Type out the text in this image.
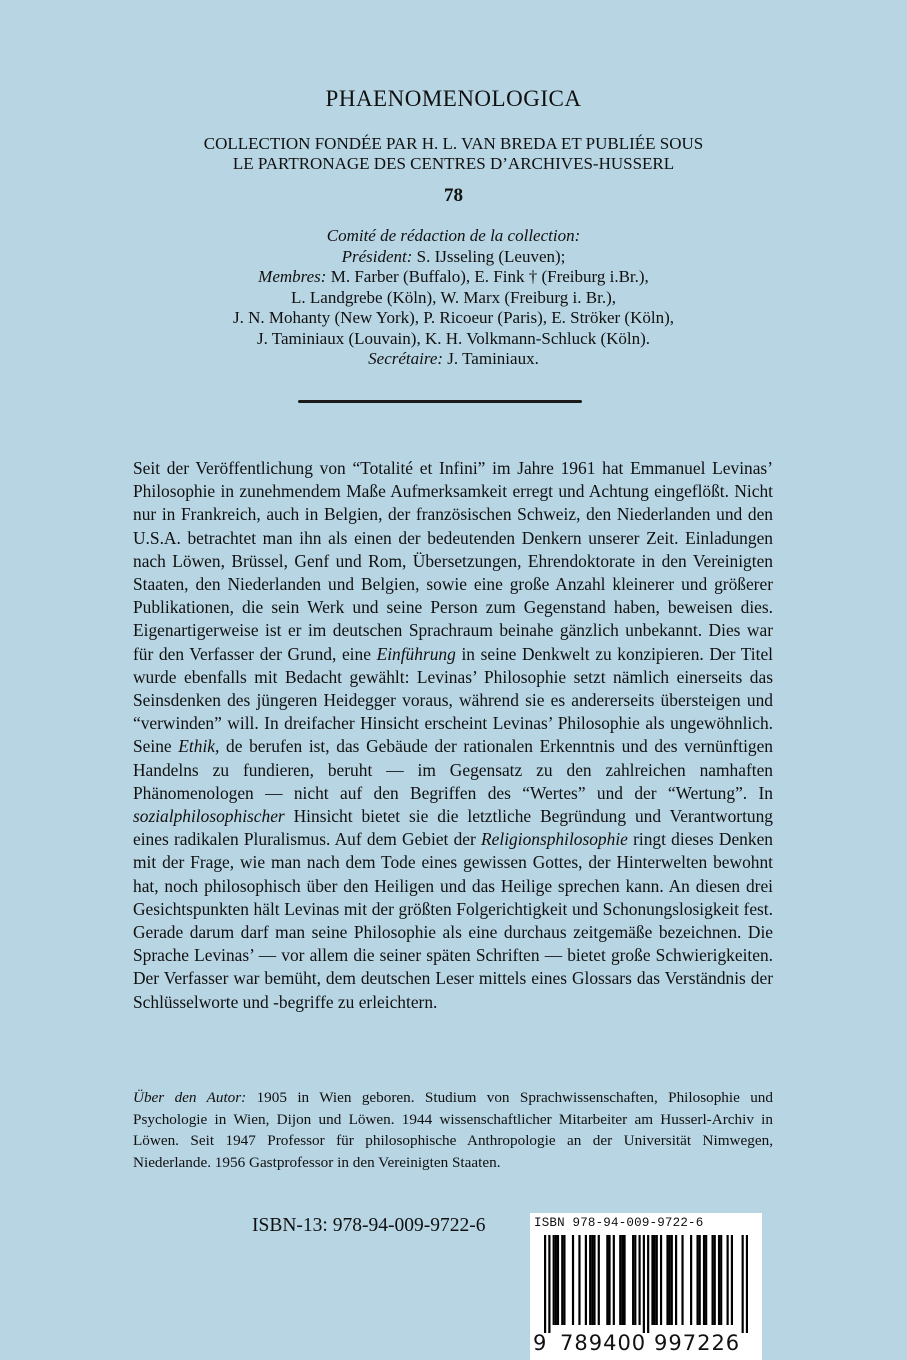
PHAENOMENOLOGICA
COLLECTION FONDÉE PAR H. L. VAN BREDA ET PUBLIÉE SOUS
LE PARTRONAGE DES CENTRES D’ARCHIVES-HUSSERL
78
Comité de rédaction de la collection:
Président: S. IJsseling (Leuven);
Membres: M. Farber (Buffalo), E. Fink † (Freiburg i.Br.),
L. Landgrebe (Köln), W. Marx (Freiburg i. Br.),
J. N. Mohanty (New York), P. Ricoeur (Paris), E. Ströker (Köln),
J. Taminiaux (Louvain), K. H. Volkmann-Schluck (Köln).
Secrétaire: J. Taminiaux.

Seit der Veröffentlichung von “Totalité et Infini” im Jahre 1961 hat Emmanuel Levinas’ Philosophie in zunehmendem Maße Aufmerksamkeit erregt und Achtung eingeflößt. Nicht nur in Frankreich, auch in Belgien, der französischen Schweiz, den Niederlanden und den U.S.A. betrachtet man ihn als einen der bedeutenden Denkern unserer Zeit. Einladungen nach Löwen, Brüssel, Genf und Rom, Übersetzungen, Ehrendoktorate in den Vereinigten Staaten, den Niederlanden und Belgien, sowie eine große Anzahl kleinerer und größerer Publikationen, die sein Werk und seine Person zum Gegenstand haben, beweisen dies. Eigenartigerweise ist er im deutschen Sprachraum beinahe gänzlich unbekannt. Dies war für den Verfasser der Grund, eine Einführung in seine Denkwelt zu konzipieren. Der Titel wurde ebenfalls mit Bedacht gewählt: Levinas’ Philosophie setzt nämlich einerseits das Seinsdenken des jüngeren Heidegger voraus, während sie es andererseits übersteigen und “verwinden” will. In dreifacher Hinsicht erscheint Levinas’ Philosophie als ungewöhnlich. Seine Ethik, de berufen ist, das Gebäude der rationalen Erkenntnis und des vernünftigen Handelns zu fundieren, beruht — im Gegensatz zu den zahlreichen namhaften Phänomenologen — nicht auf den Begriffen des “Wertes” und der “Wertung”. In sozialphilosophischer Hinsicht bietet sie die letztliche Begründung und Verantwortung eines radikalen Pluralismus. Auf dem Gebiet der Religionsphilosophie ringt dieses Denken mit der Frage, wie man nach dem Tode eines gewissen Gottes, der Hinterwelten bewohnt hat, noch philosophisch über den Heiligen und das Heilige sprechen kann. An diesen drei Gesichtspunkten hält Levinas mit der größten Folgerichtigkeit und Schonungslosigkeit fest. Gerade darum darf man seine Philosophie als eine durchaus zeitgemäße bezeichnen. Die Sprache Levinas’ — vor allem die seiner späten Schriften — bietet große Schwierigkeiten. Der Verfasser war bemüht, dem deutschen Leser mittels eines Glossars das Verständnis der Schlüsselworte und -begriffe zu erleichtern.

Über den Autor: 1905 in Wien geboren. Studium von Sprachwissenschaften, Philosophie und Psychologie in Wien, Dijon und Löwen. 1944 wissenschaftlicher Mitarbeiter am Husserl-Archiv in Löwen. Seit 1947 Professor für philosophische Anthropologie an der Universität Nimwegen, Niederlande. 1956 Gastprofessor in den Vereinigten Staaten.
ISBN-13: 978-94-009-9722-6	ISBN 978-94-009-9722-6
9 789400 997226
